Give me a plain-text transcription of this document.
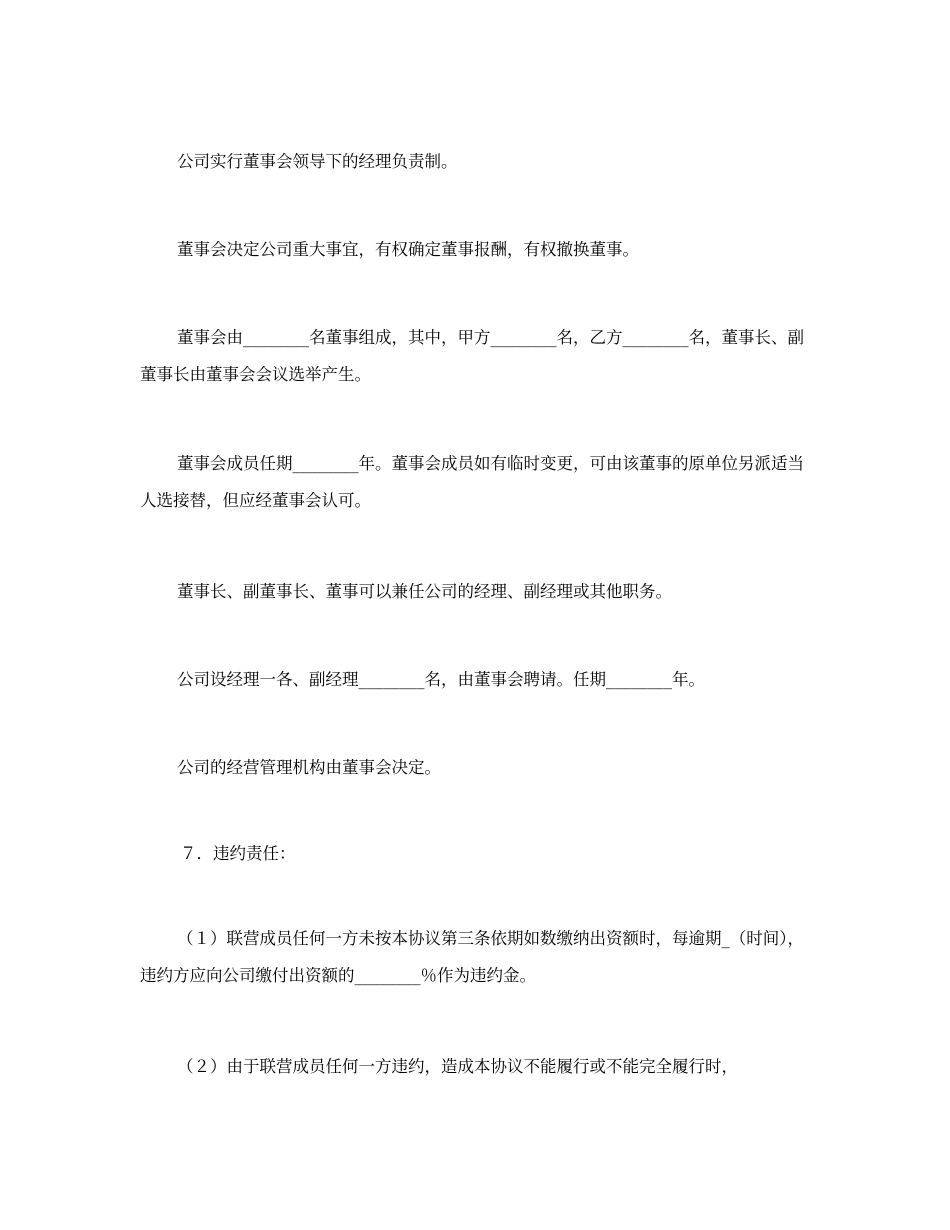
公司实行董事会领导下的经理负责制。

董事会决定公司重大事宜，有权确定董事报酬，有权撤换董事。

董事会由________名董事组成，其中，甲方________名，乙方________名，董事长、副董事长由董事会会议选举产生。

董事会成员任期________年。董事会成员如有临时变更，可由该董事的原单位另派适当人选接替，但应经董事会认可。

董事长、副董事长、董事可以兼任公司的经理、副经理或其他职务。

公司设经理一各、副经理________名，由董事会聘请。任期________年。

公司的经营管理机构由董事会决定。

７．违约责任：

（１）联营成员任何一方未按本协议第三条依期如数缴纳出资额时，每逾期_（时间），违约方应向公司缴付出资额的________％作为违约金。

（２）由于联营成员任何一方违约，造成本协议不能履行或不能完全履行时，
